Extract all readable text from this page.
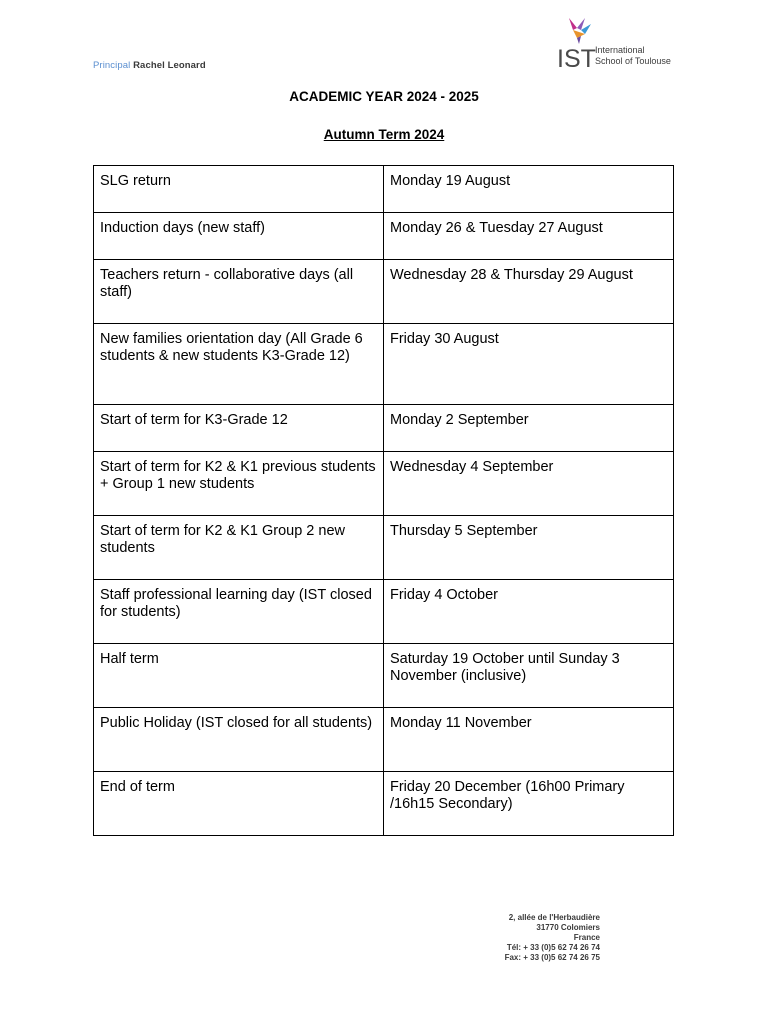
Principal Rachel Leonard	IST International
School of Toulouse
ACADEMIC YEAR 2024 - 2025
Autumn Term 2024
SLG return	Monday 19 August
Induction days (new staff)	Monday 26 & Tuesday 27 August
Teachers return - collaborative days (all staff)	Wednesday 28 & Thursday 29 August
New families orientation day (All Grade 6 students & new students K3-Grade 12)	Friday 30 August
Start of term for K3-Grade 12	Monday 2 September
Start of term for K2 & K1 previous students + Group 1 new students	Wednesday 4 September
Start of term for K2 & K1 Group 2 new students	Thursday 5 September
Staff professional learning day (IST closed for students)	Friday 4 October
Half term	Saturday 19 October until Sunday 3 November (inclusive)
Public Holiday (IST closed for all students)	Monday 11 November
End of term	Friday 20 December (16h00 Primary /16h15 Secondary)
2, allée de l'Herbaudière
31770 Colomiers
France
Tél: + 33 (0)5 62 74 26 74
Fax: + 33 (0)5 62 74 26 75
